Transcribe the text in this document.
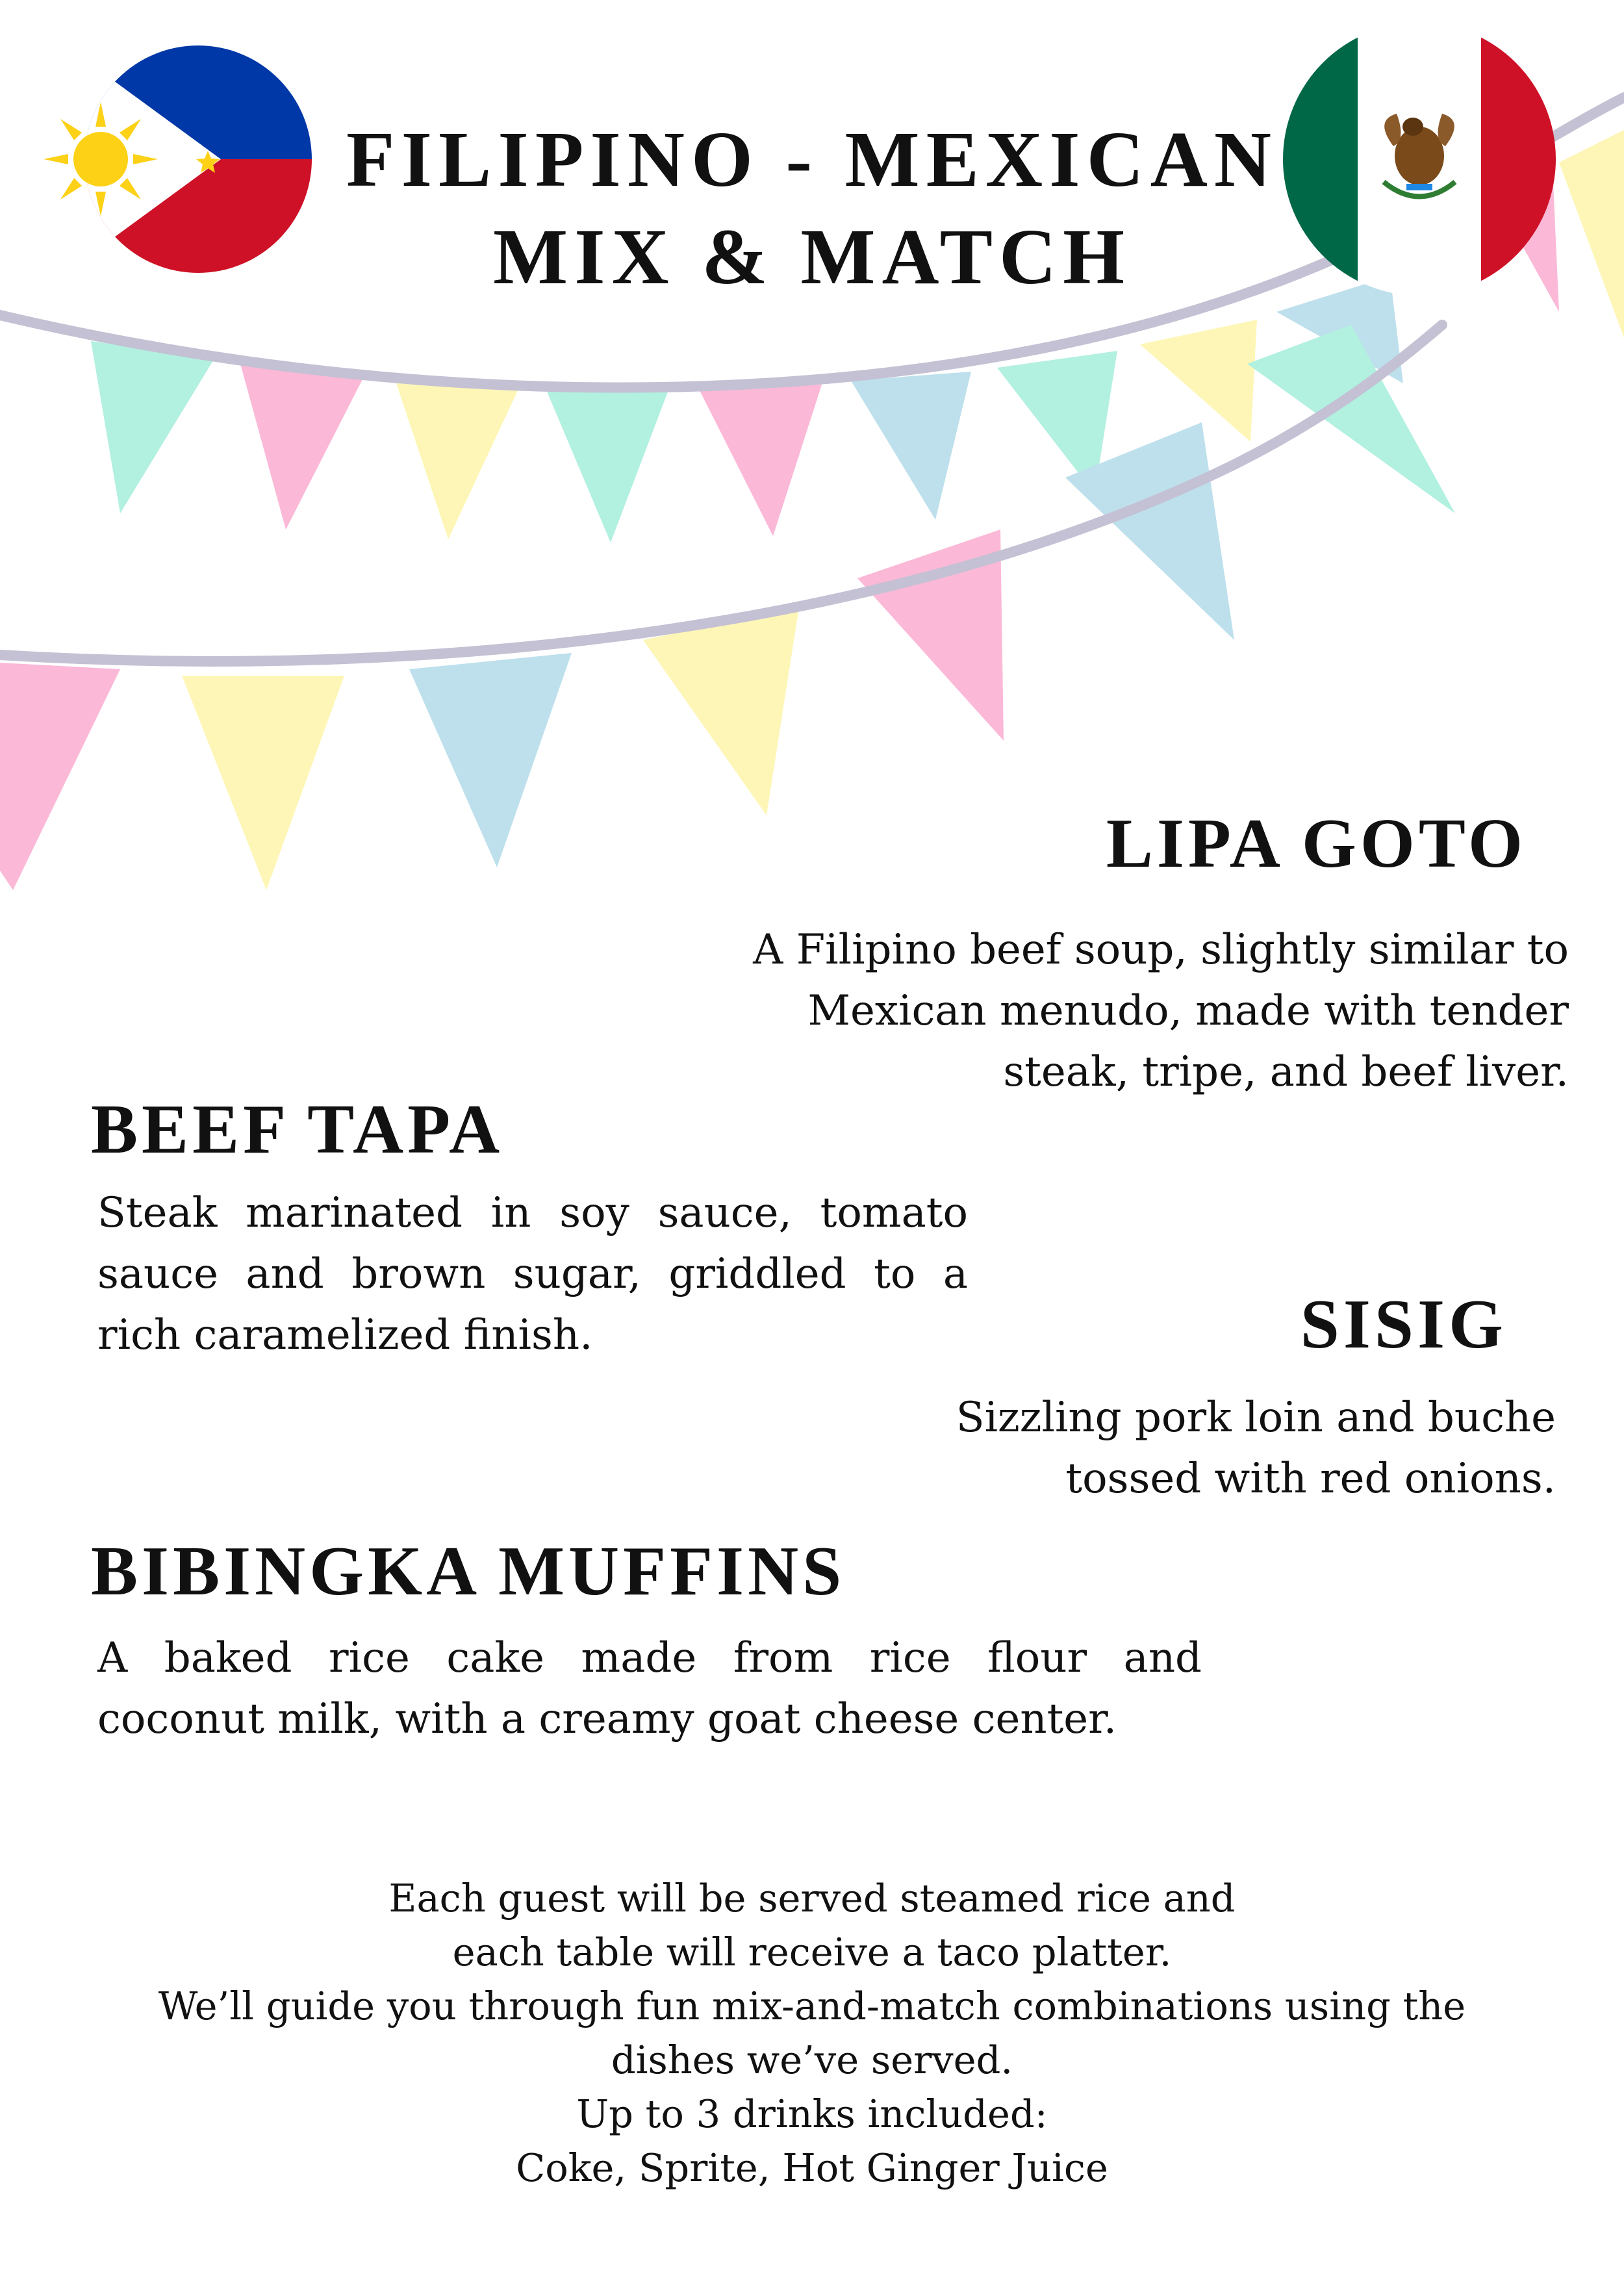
FILIPINO - MEXICAN
MIX & MATCH
LIPA GOTO
A Filipino beef soup, slightly similar to
Mexican menudo, made with tender
steak, tripe, and beef liver.
BEEF TAPA
Steak marinated in soy sauce, tomato
sauce and brown sugar, griddled to a
rich caramelized finish.	SISIG
Sizzling pork loin and buche
tossed with red onions.
BIBINGKA MUFFINS
A baked rice cake made from rice flour and
coconut milk, with a creamy goat cheese center.
Each guest will be served steamed rice and
each table will receive a taco platter.
We’ll guide you through fun mix-and-match combinations using the
dishes we’ve served.
Up to 3 drinks included:
Coke, Sprite, Hot Ginger Juice
